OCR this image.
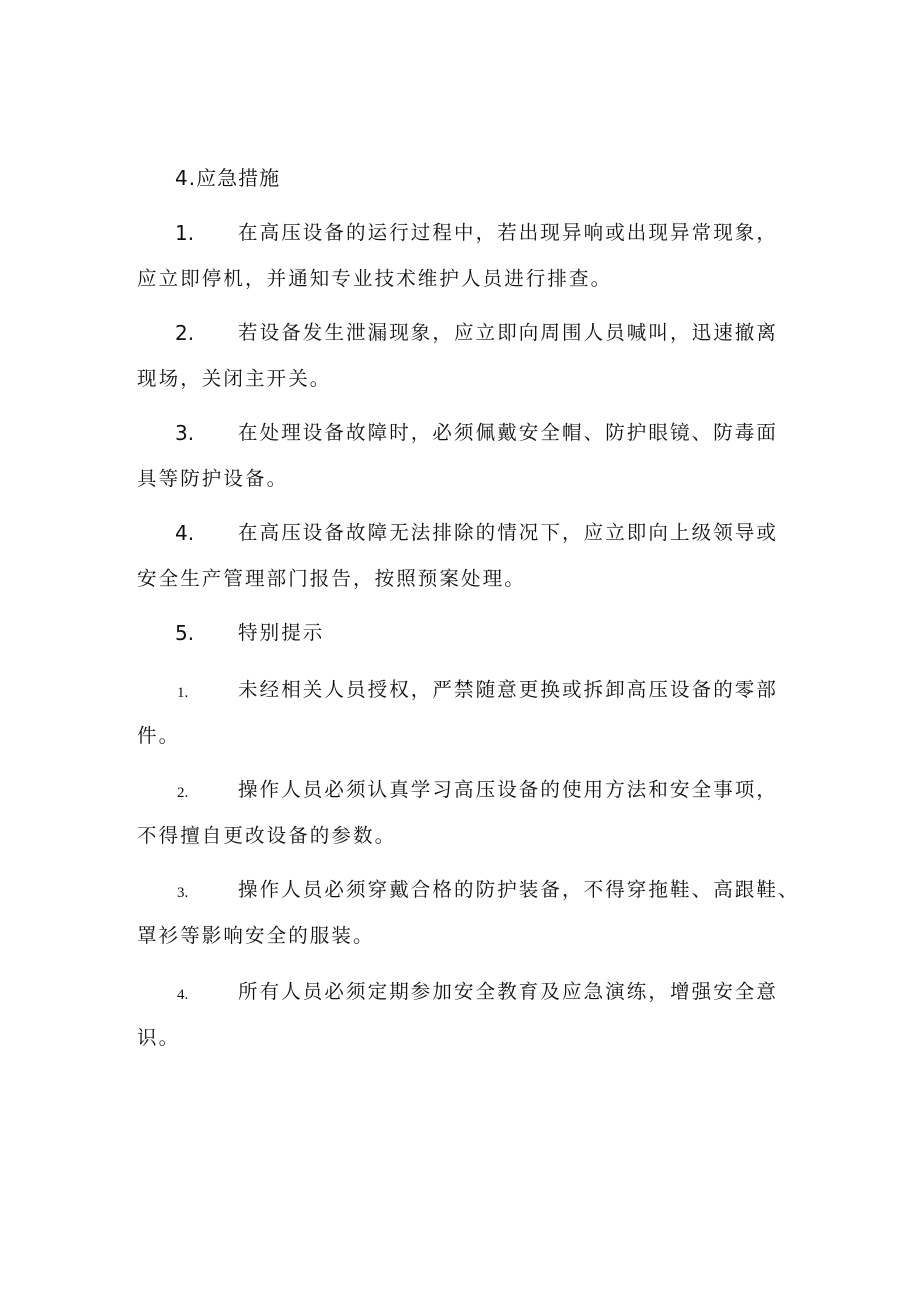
4.应急措施
1. 在高压设备的运行过程中，若出现异响或出现异常现象，
应立即停机，并通知专业技术维护人员进行排查。
2. 若设备发生泄漏现象，应立即向周围人员喊叫，迅速撤离
现场，关闭主开关。
3. 在处理设备故障时，必须佩戴安全帽、防护眼镜、防毒面
具等防护设备。
4. 在高压设备故障无法排除的情况下，应立即向上级领导或
安全生产管理部门报告，按照预案处理。
5. 特别提示
1.	未经相关人员授权，严禁随意更换或拆卸高压设备的零部
件。
2.	操作人员必须认真学习高压设备的使用方法和安全事项，
不得擅自更改设备的参数。
3.	操作人员必须穿戴合格的防护装备，不得穿拖鞋、高跟鞋、
罩衫等影响安全的服装。
4.	所有人员必须定期参加安全教育及应急演练，增强安全意
识。
